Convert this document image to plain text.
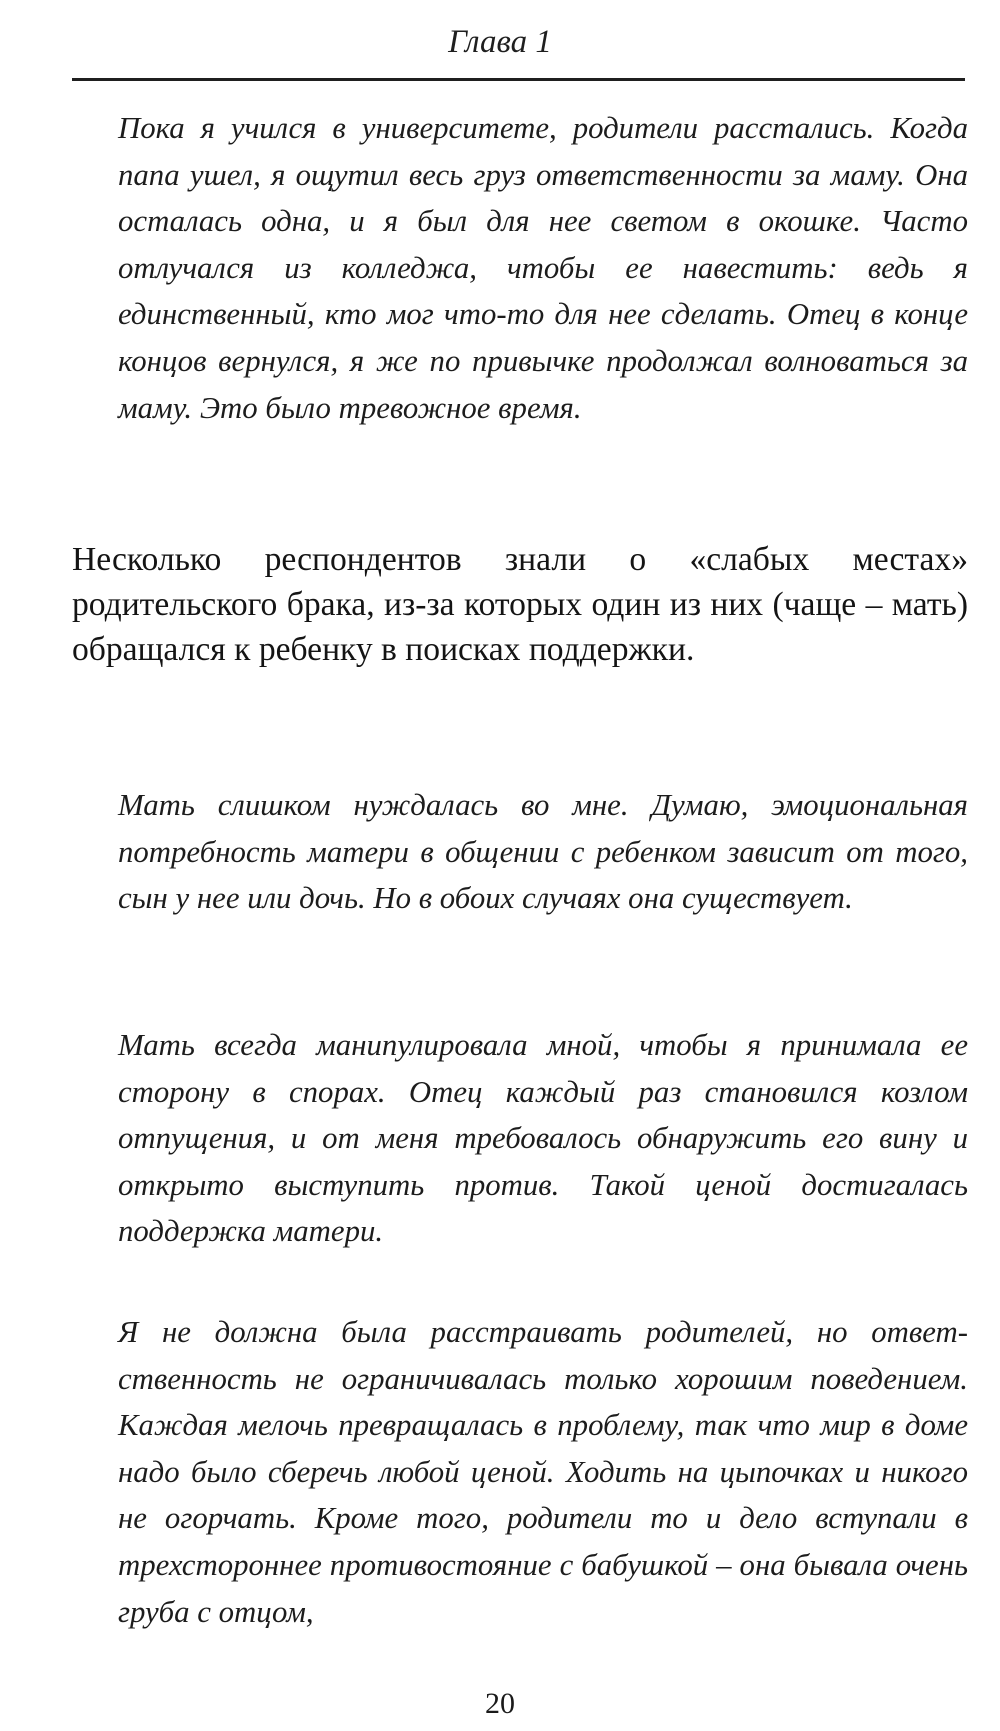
Глава 1

Пока я учился в университете, родители расстались. Когда папа ушел, я ощутил весь груз ответственности за маму. Она осталась одна, и я был для нее светом в окошке. Часто отлучался из колледжа, чтобы ее навестить: ведь я единственный, кто мог что-то для нее сделать. Отец в конце концов вернулся, я же по привычке продолжал волноваться за маму. Это было тревожное время.

Несколько респондентов знали о «слабых местах» родительского брака, из-за которых один из них (чаще – мать) обращался к ребенку в поисках поддержки.

Мать слишком нуждалась во мне. Думаю, эмоциональная потребность матери в общении с ребенком зависит от того, сын у нее или дочь. Но в обоих случаях она существует.

Мать всегда манипулировала мной, чтобы я принимала ее сторону в спорах. Отец каждый раз становился козлом отпущения, и от меня требовалось обнаружить его вину и открыто выступить против. Такой ценой достигалась поддержка матери.

Я не должна была расстраивать родителей, но ответственность не ограничивалась только хорошим поведением. Каждая мелочь превращалась в проблему, так что мир в доме надо было сберечь любой ценой. Ходить на цыпочках и никого не огорчать. Кроме того, родители то и дело вступали в трехстороннее противостояние с бабушкой – она бывала очень груба с отцом,

20
